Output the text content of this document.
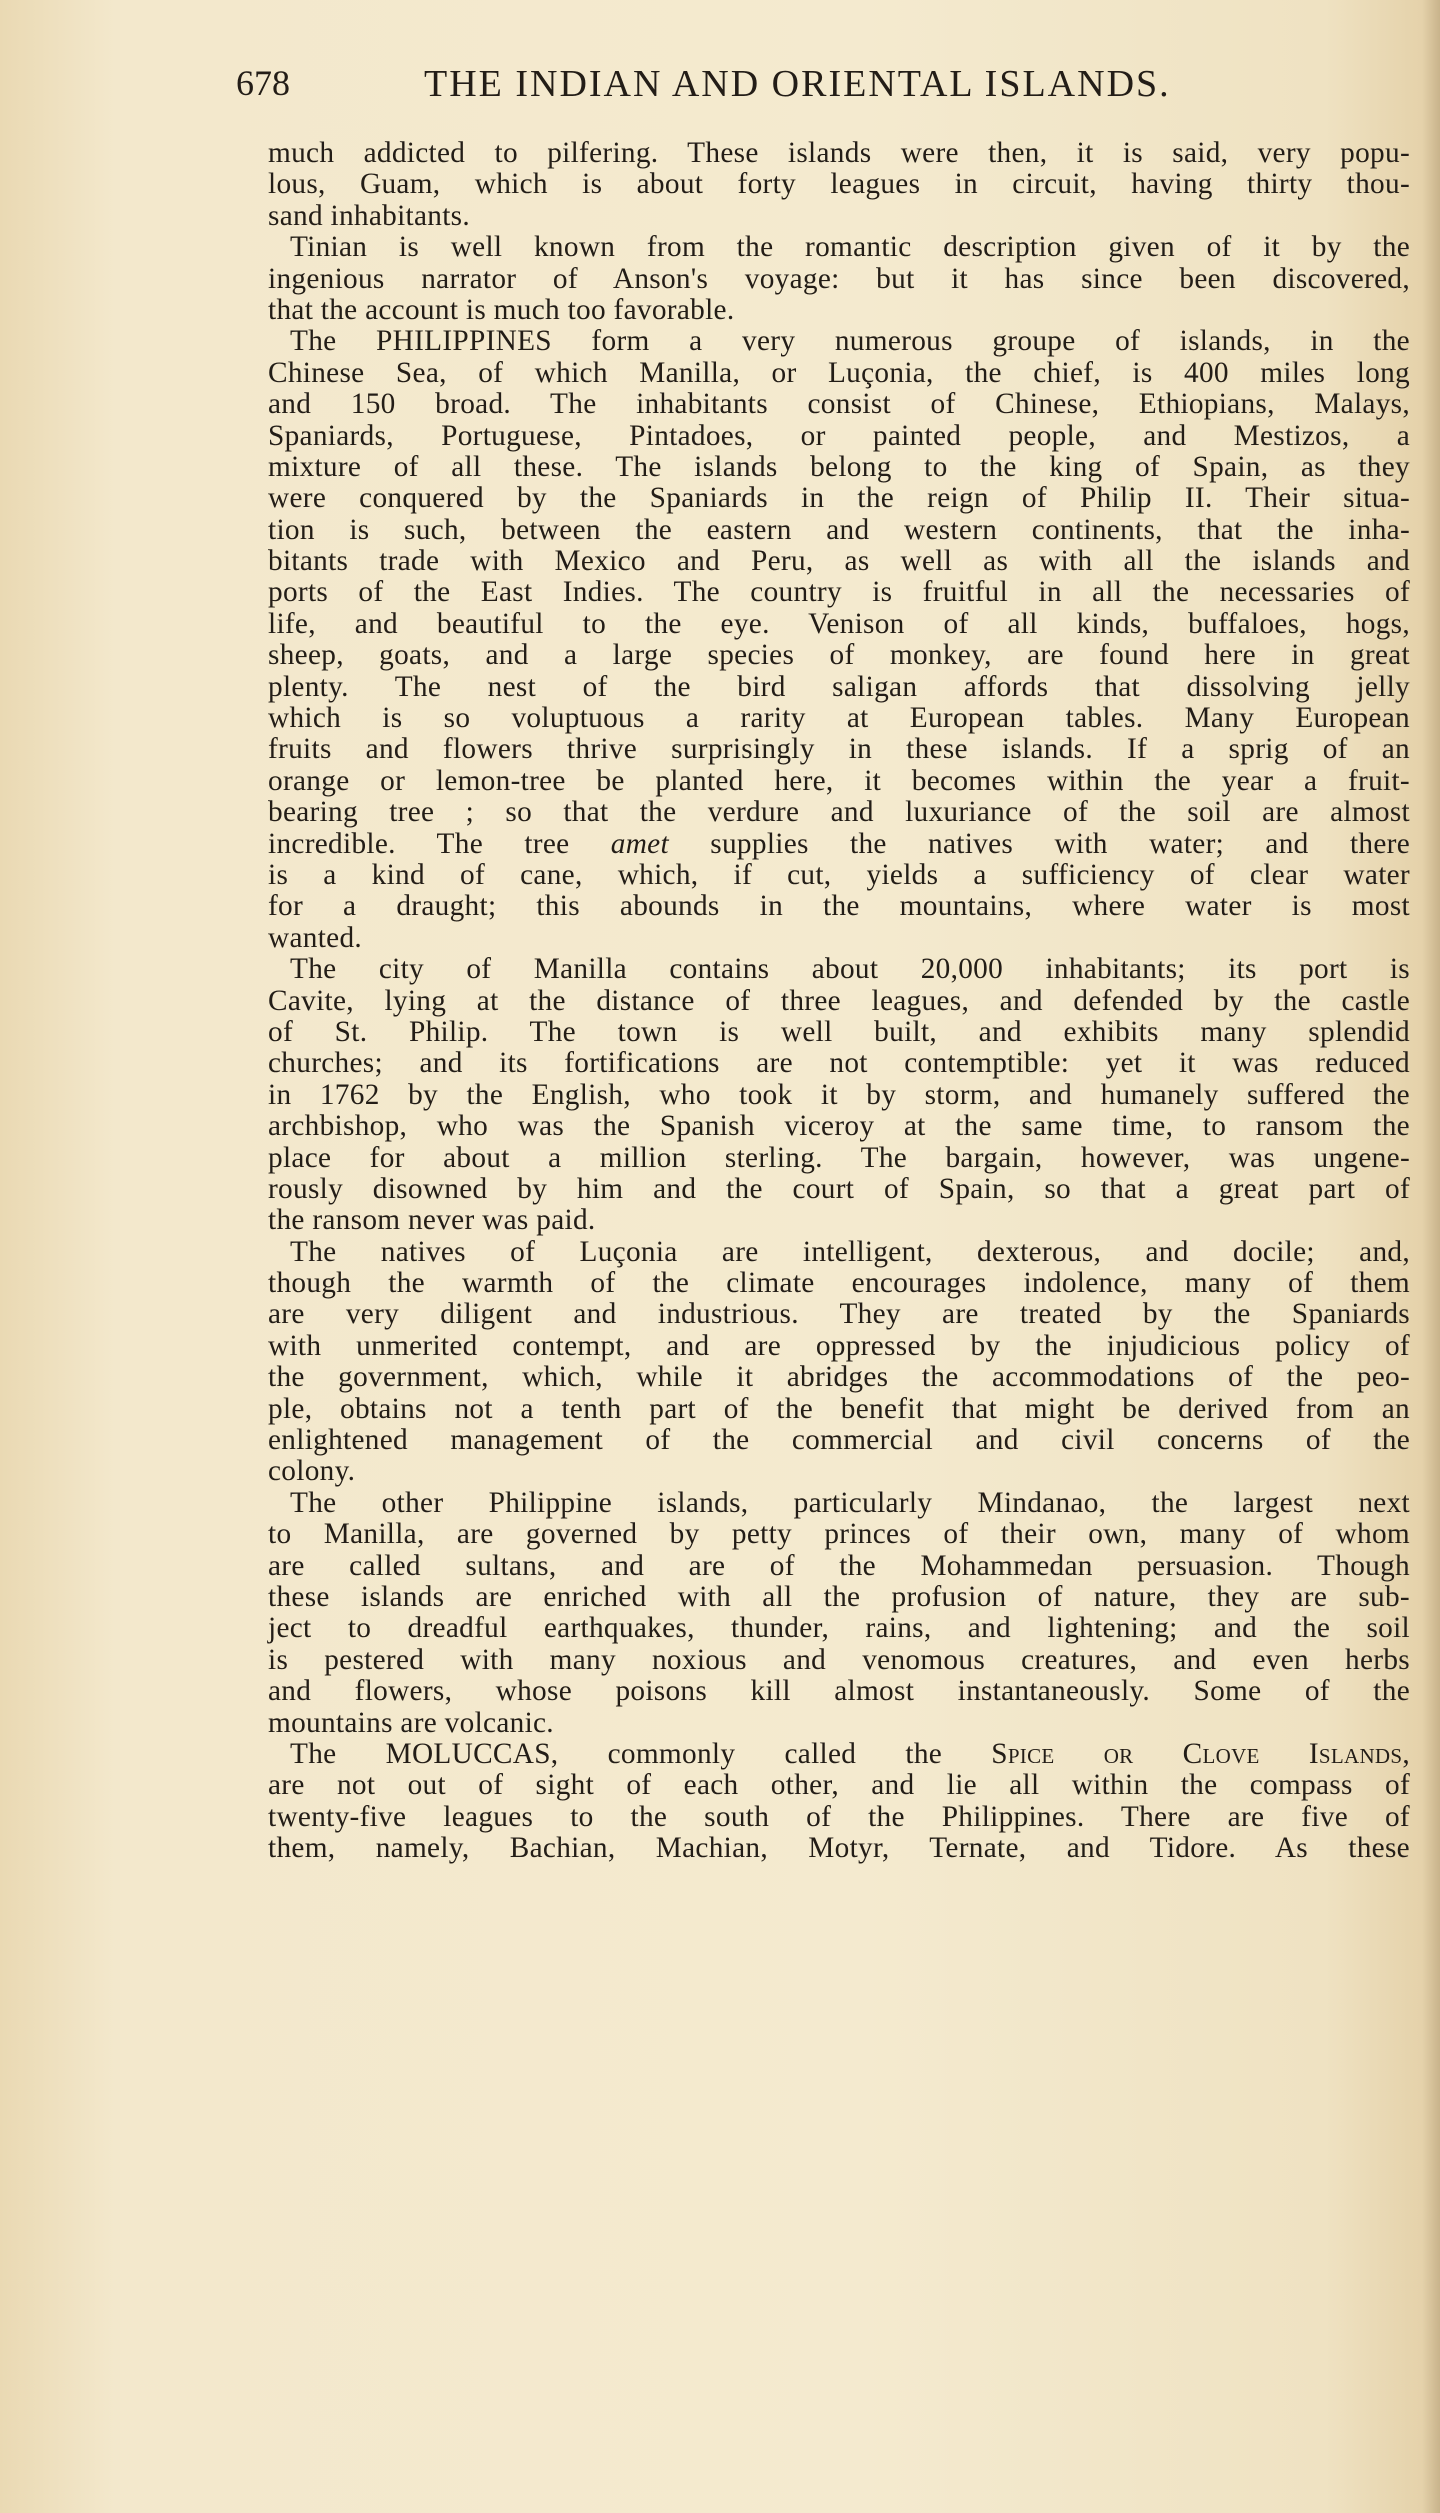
678	THE INDIAN AND ORIENTAL ISLANDS.
much addicted to pilfering. These islands were then, it is said, very popu-
lous, Guam, which is about forty leagues in circuit, having thirty thou-
sand inhabitants.
Tinian is well known from the romantic description given of it by the
ingenious narrator of Anson's voyage: but it has since been discovered,
that the account is much too favorable.
The PHILIPPINES form a very numerous groupe of islands, in the
Chinese Sea, of which Manilla, or Luçonia, the chief, is 400 miles long
and 150 broad. The inhabitants consist of Chinese, Ethiopians, Malays,
Spaniards, Portuguese, Pintadoes, or painted people, and Mestizos, a
mixture of all these. The islands belong to the king of Spain, as they
were conquered by the Spaniards in the reign of Philip II. Their situa-
tion is such, between the eastern and western continents, that the inha-
bitants trade with Mexico and Peru, as well as with all the islands and
ports of the East Indies. The country is fruitful in all the necessaries of
life, and beautiful to the eye. Venison of all kinds, buffaloes, hogs,
sheep, goats, and a large species of monkey, are found here in great
plenty. The nest of the bird saligan affords that dissolving jelly
which is so voluptuous a rarity at European tables. Many European
fruits and flowers thrive surprisingly in these islands. If a sprig of an
orange or lemon-tree be planted here, it becomes within the year a fruit-
bearing tree ; so that the verdure and luxuriance of the soil are almost
incredible. The tree amet supplies the natives with water; and there
is a kind of cane, which, if cut, yields a sufficiency of clear water
for a draught; this abounds in the mountains, where water is most
wanted.
The city of Manilla contains about 20,000 inhabitants; its port is
Cavite, lying at the distance of three leagues, and defended by the castle
of St. Philip. The town is well built, and exhibits many splendid
churches; and its fortifications are not contemptible: yet it was reduced
in 1762 by the English, who took it by storm, and humanely suffered the
archbishop, who was the Spanish viceroy at the same time, to ransom the
place for about a million sterling. The bargain, however, was ungene-
rously disowned by him and the court of Spain, so that a great part of
the ransom never was paid.
The natives of Luçonia are intelligent, dexterous, and docile; and,
though the warmth of the climate encourages indolence, many of them
are very diligent and industrious. They are treated by the Spaniards
with unmerited contempt, and are oppressed by the injudicious policy of
the government, which, while it abridges the accommodations of the peo-
ple, obtains not a tenth part of the benefit that might be derived from an
enlightened management of the commercial and civil concerns of the
colony.
The other Philippine islands, particularly Mindanao, the largest next
to Manilla, are governed by petty princes of their own, many of whom
are called sultans, and are of the Mohammedan persuasion. Though
these islands are enriched with all the profusion of nature, they are sub-
ject to dreadful earthquakes, thunder, rains, and lightening; and the soil
is pestered with many noxious and venomous creatures, and even herbs
and flowers, whose poisons kill almost instantaneously. Some of the
mountains are volcanic.
The MOLUCCAS, commonly called the Spice or Clove Islands,
are not out of sight of each other, and lie all within the compass of
twenty-five leagues to the south of the Philippines. There are five of
them, namely, Bachian, Machian, Motyr, Ternate, and Tidore. As these
